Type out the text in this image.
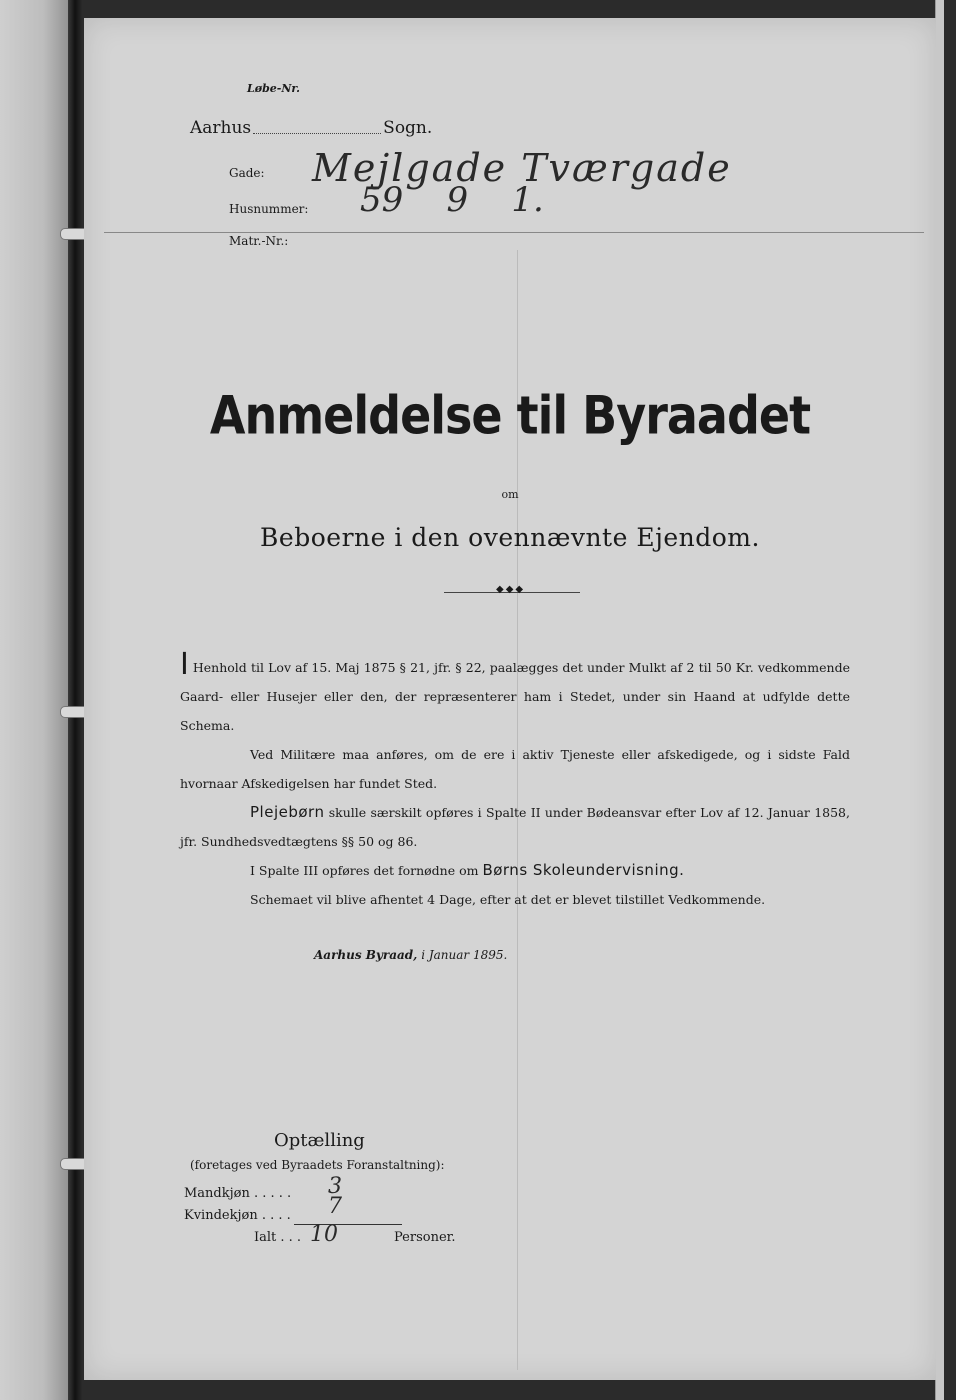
Løbe-Nr.
Aarhus	Sogn.
Gade: Mejlgade Tværgade
Husnummer: 59    9    1.
Matr.-Nr.:
Anmeldelse til Byraadet
om
Beboerne i den ovennævnte Ejendom.
◆◆◆

I Henhold til Lov af 15. Maj 1875 § 21, jfr. § 22, paalægges det under Mulkt af 2 til 50 Kr. vedkommende Gaard- eller Husejer eller den, der repræsenterer ham i Stedet, under sin Haand at udfylde dette Schema.

Ved Militære maa anføres, om de ere i aktiv Tjeneste eller afskedigede, og i sidste Fald hvornaar Afskedigelsen har fundet Sted.

Plejebørn skulle særskilt opføres i Spalte II under Bødeansvar efter Lov af 12. Januar 1858, jfr. Sundhedsvedtægtens §§ 50 og 86.

I Spalte III opføres det fornødne om Børns Skoleundervisning.

Schemaet vil blive afhentet 4 Dage, efter at det er blevet tilstillet Vedkommende.

Aarhus Byraad, i Januar 1895.
Optælling
(foretages ved Byraadets Foranstaltning):
Mandkjøn . . . . . 3
Kvindekjøn . . . . 7
Ialt . . . 10	Personer.
